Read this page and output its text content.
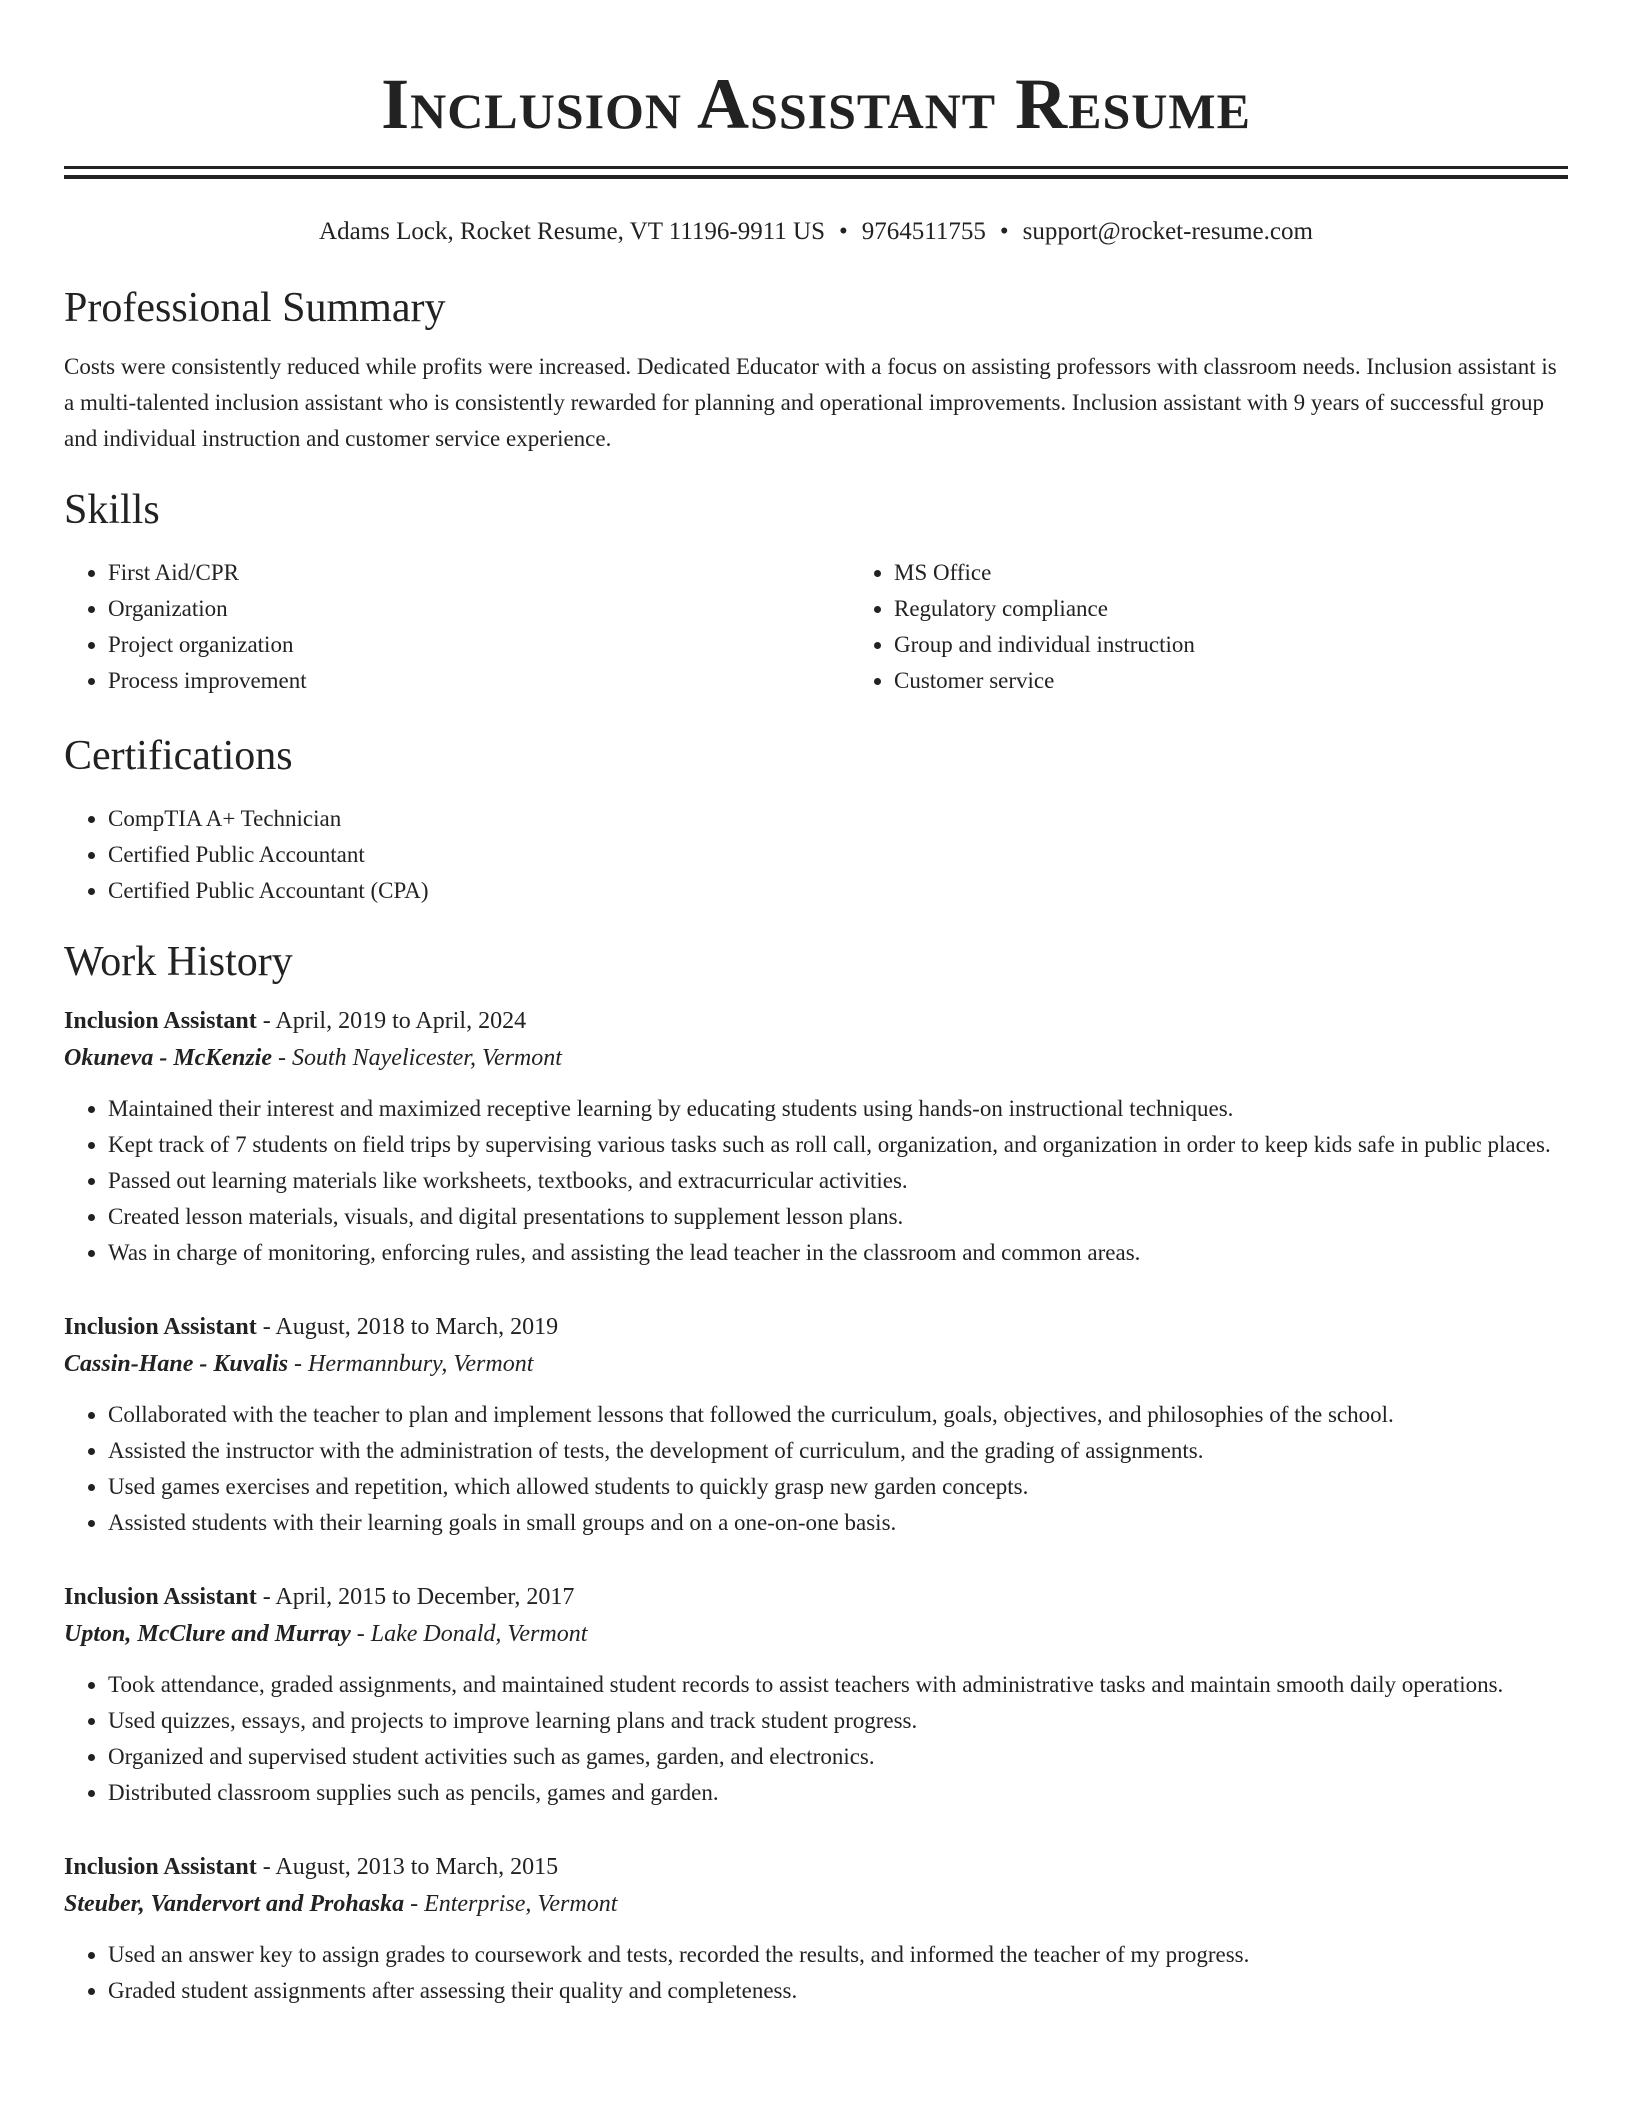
Inclusion Assistant Resume
Adams Lock, Rocket Resume, VT 11196-9911 US • 9764511755 • support@rocket-resume.com
Professional Summary
Costs were consistently reduced while profits were increased. Dedicated Educator with a focus on assisting professors with classroom needs. Inclusion assistant is a multi-talented inclusion assistant who is consistently rewarded for planning and operational improvements. Inclusion assistant with 9 years of successful group and individual instruction and customer service experience.
Skills
• First Aid/CPR
• Organization
• Project organization
• Process improvement
• MS Office
• Regulatory compliance
• Group and individual instruction
• Customer service
Certifications
• CompTIA A+ Technician
• Certified Public Accountant
• Certified Public Accountant (CPA)
Work History
Inclusion Assistant - April, 2019 to April, 2024
Okuneva - McKenzie - South Nayelicester, Vermont
• Maintained their interest and maximized receptive learning by educating students using hands-on instructional techniques.
• Kept track of 7 students on field trips by supervising various tasks such as roll call, organization, and organization in order to keep kids safe in public places.
• Passed out learning materials like worksheets, textbooks, and extracurricular activities.
• Created lesson materials, visuals, and digital presentations to supplement lesson plans.
• Was in charge of monitoring, enforcing rules, and assisting the lead teacher in the classroom and common areas.
Inclusion Assistant - August, 2018 to March, 2019
Cassin-Hane - Kuvalis - Hermannbury, Vermont
• Collaborated with the teacher to plan and implement lessons that followed the curriculum, goals, objectives, and philosophies of the school.
• Assisted the instructor with the administration of tests, the development of curriculum, and the grading of assignments.
• Used games exercises and repetition, which allowed students to quickly grasp new garden concepts.
• Assisted students with their learning goals in small groups and on a one-on-one basis.
Inclusion Assistant - April, 2015 to December, 2017
Upton, McClure and Murray - Lake Donald, Vermont
• Took attendance, graded assignments, and maintained student records to assist teachers with administrative tasks and maintain smooth daily operations.
• Used quizzes, essays, and projects to improve learning plans and track student progress.
• Organized and supervised student activities such as games, garden, and electronics.
• Distributed classroom supplies such as pencils, games and garden.
Inclusion Assistant - August, 2013 to March, 2015
Steuber, Vandervort and Prohaska - Enterprise, Vermont
• Used an answer key to assign grades to coursework and tests, recorded the results, and informed the teacher of my progress.
• Graded student assignments after assessing their quality and completeness.
